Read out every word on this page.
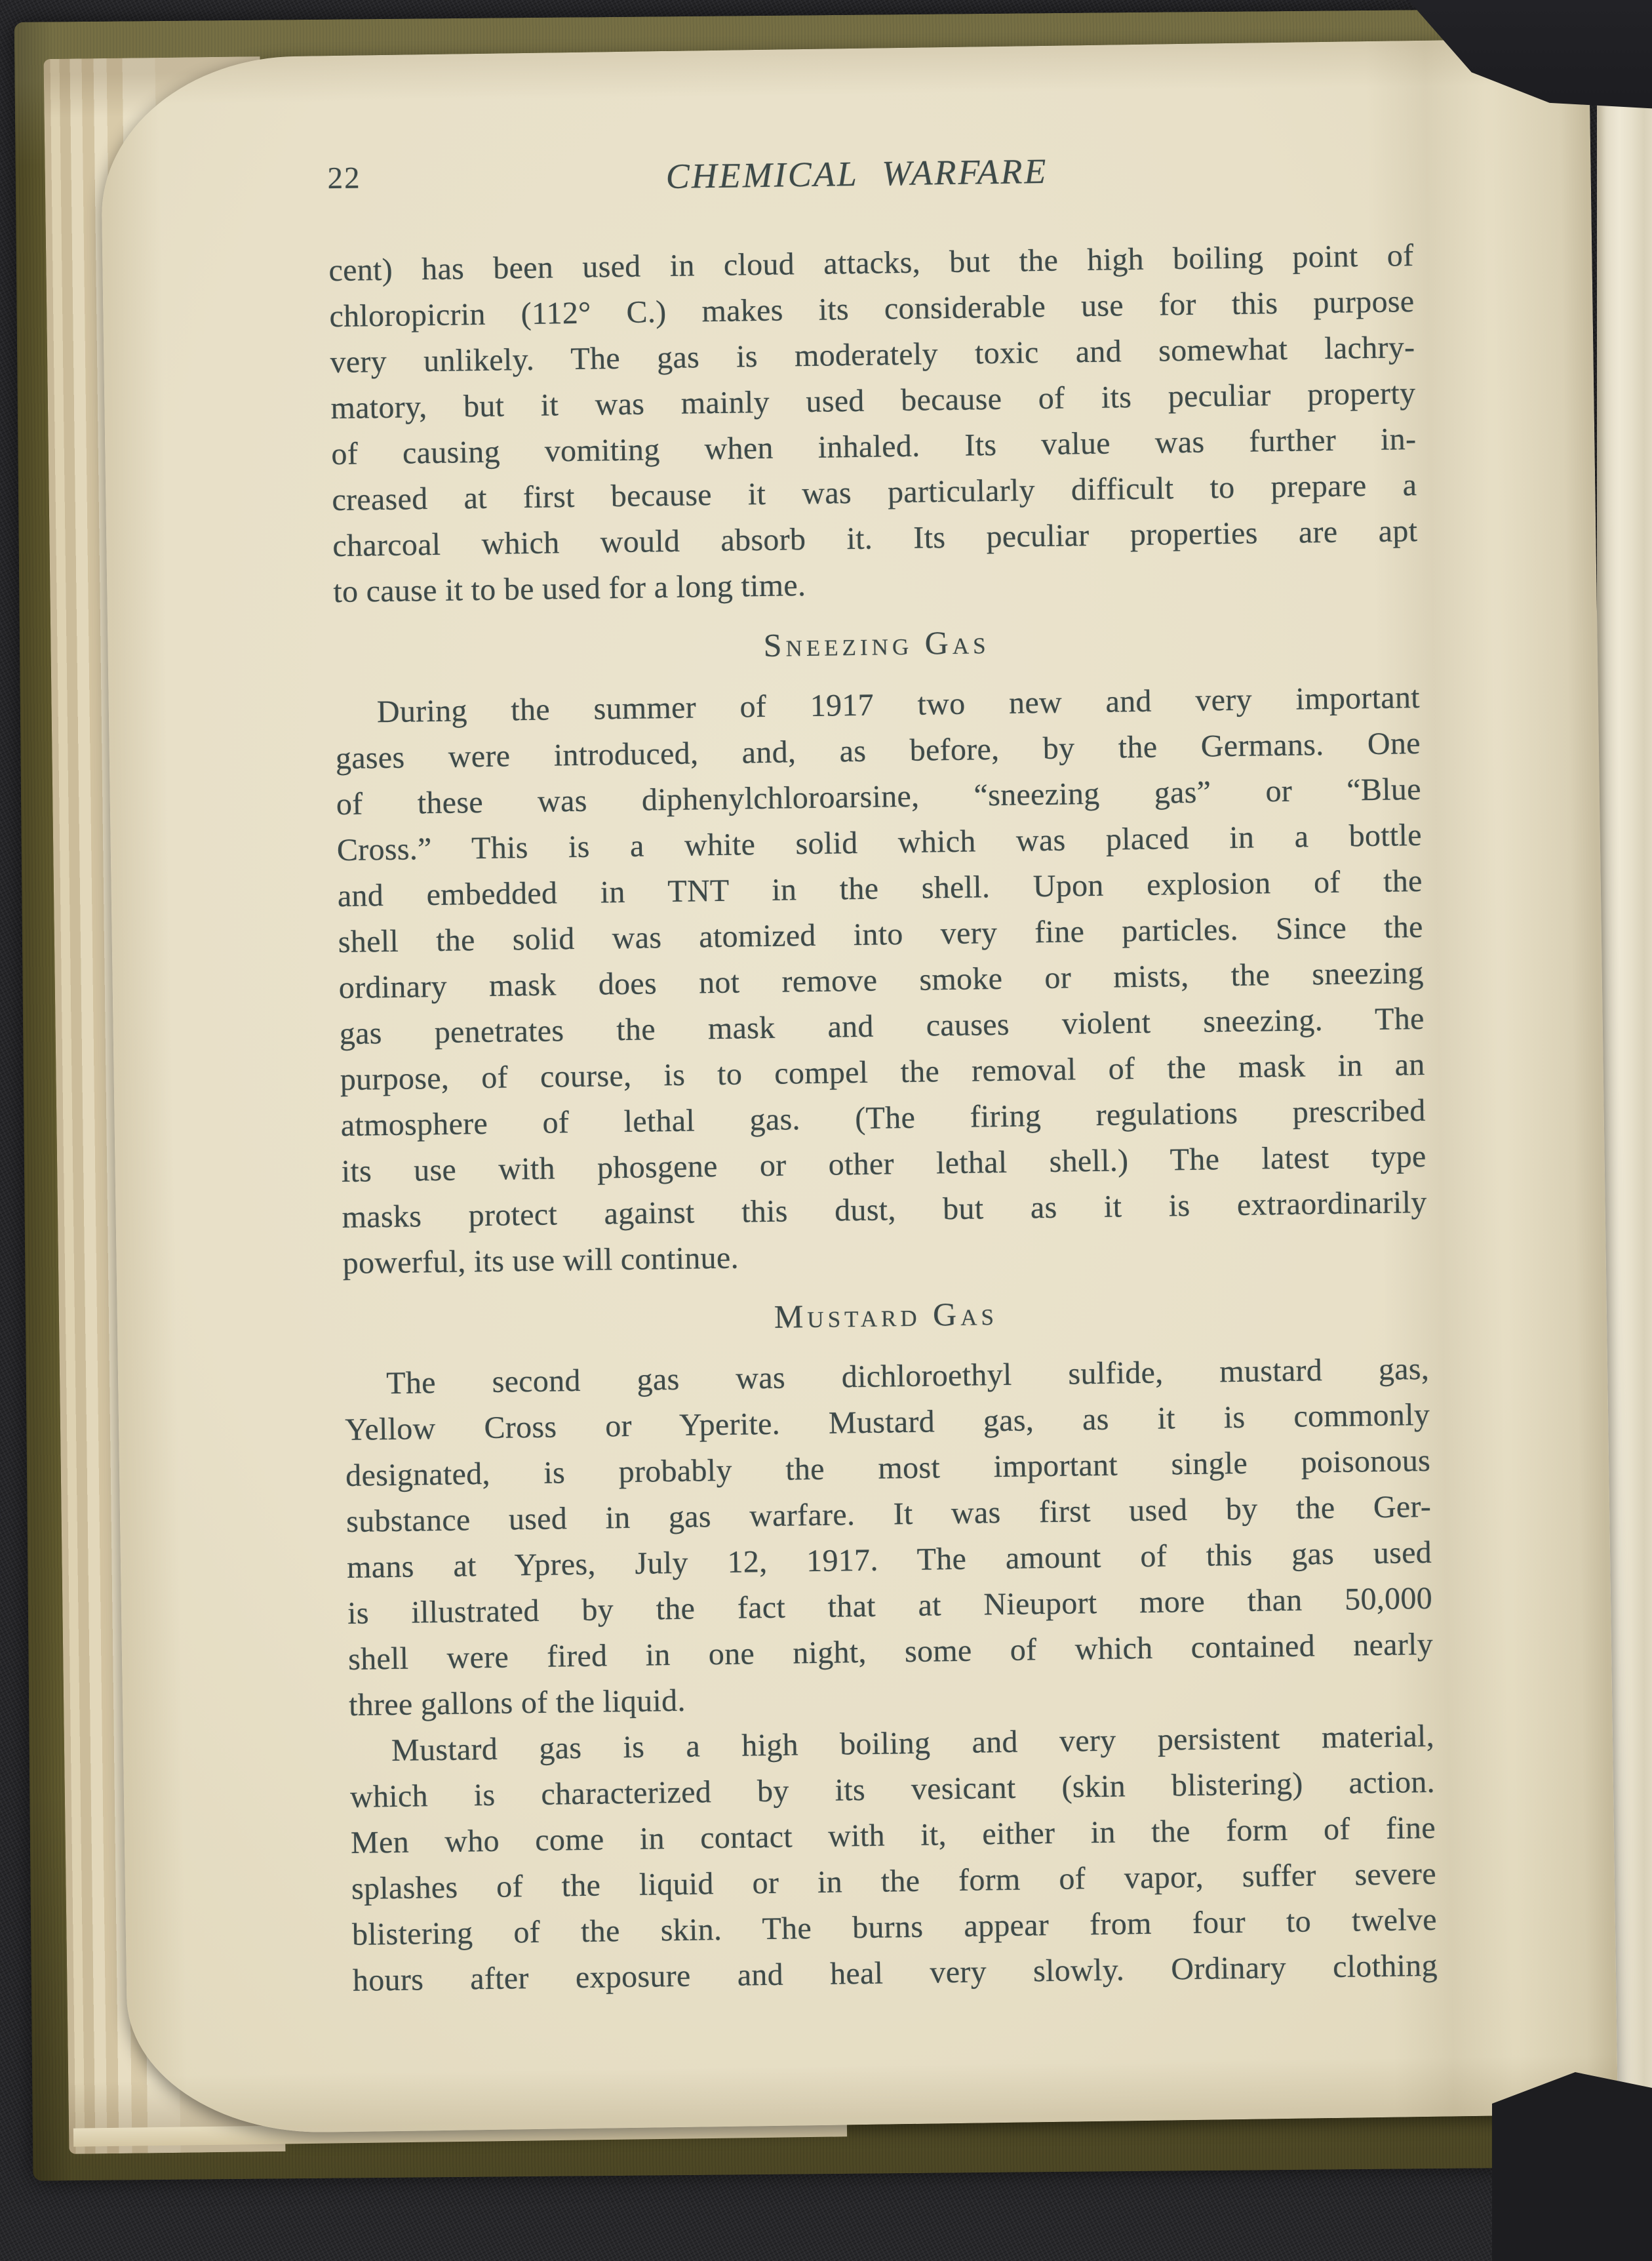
22	CHEMICAL WARFARE
cent) has been used in cloud attacks, but the high boiling point of
chloropicrin (112° C.) makes its considerable use for this purpose
very unlikely. The gas is moderately toxic and somewhat lachry-
matory, but it was mainly used because of its peculiar property
of causing vomiting when inhaled. Its value was further in-
creased at first because it was particularly difficult to prepare a
charcoal which would absorb it. Its peculiar properties are apt
to cause it to be used for a long time.
Sneezing Gas
During the summer of 1917 two new and very important
gases were introduced, and, as before, by the Germans. One
of these was diphenylchloroarsine, “sneezing gas” or “Blue
Cross.” This is a white solid which was placed in a bottle
and embedded in TNT in the shell. Upon explosion of the
shell the solid was atomized into very fine particles. Since the
ordinary mask does not remove smoke or mists, the sneezing
gas penetrates the mask and causes violent sneezing. The
purpose, of course, is to compel the removal of the mask in an
atmosphere of lethal gas. (The firing regulations prescribed
its use with phosgene or other lethal shell.) The latest type
masks protect against this dust, but as it is extraordinarily
powerful, its use will continue.
Mustard Gas
The second gas was dichloroethyl sulfide, mustard gas,
Yellow Cross or Yperite. Mustard gas, as it is commonly
designated, is probably the most important single poisonous
substance used in gas warfare. It was first used by the Ger-
mans at Ypres, July 12, 1917. The amount of this gas used
is illustrated by the fact that at Nieuport more than 50,000
shell were fired in one night, some of which contained nearly
three gallons of the liquid.
Mustard gas is a high boiling and very persistent material,
which is characterized by its vesicant (skin blistering) action.
Men who come in contact with it, either in the form of fine
splashes of the liquid or in the form of vapor, suffer severe
blistering of the skin. The burns appear from four to twelve
hours after exposure and heal very slowly. Ordinary clothing
